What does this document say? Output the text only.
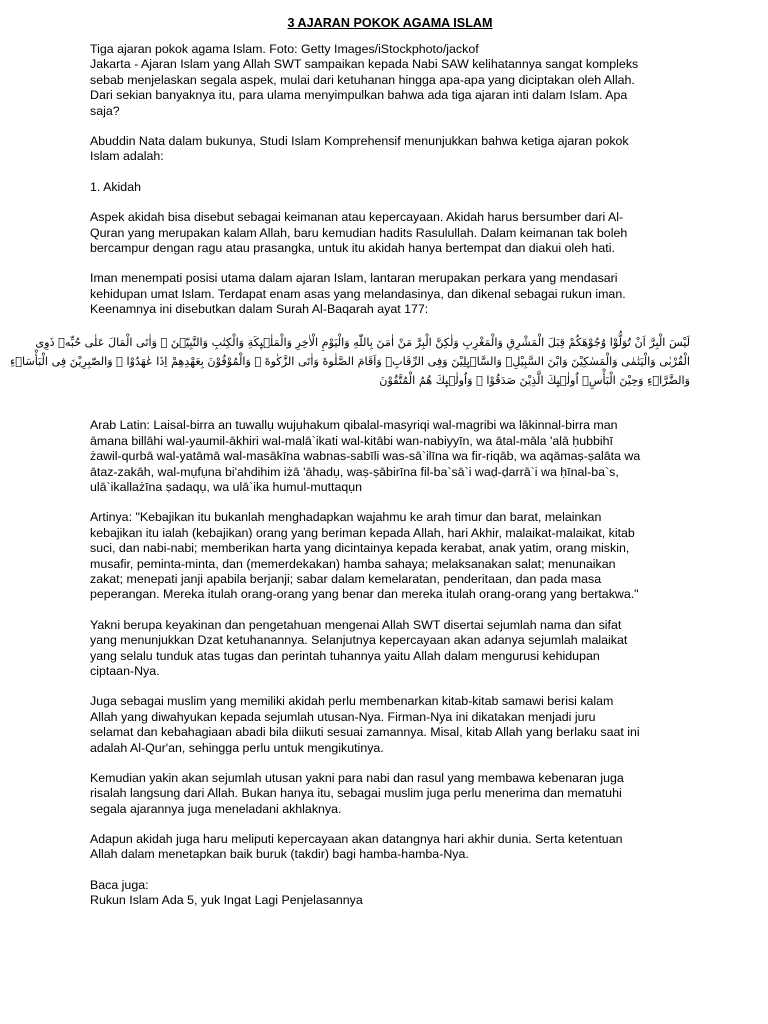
3 AJARAN POKOK AGAMA ISLAM
Tiga ajaran pokok agama Islam. Foto: Getty Images/iStockphoto/jackof
Jakarta - Ajaran Islam yang Allah SWT sampaikan kepada Nabi SAW kelihatannya sangat kompleks
sebab menjelaskan segala aspek, mulai dari ketuhanan hingga apa-apa yang diciptakan oleh Allah.
Dari sekian banyaknya itu, para ulama menyimpulkan bahwa ada tiga ajaran inti dalam Islam. Apa
saja?
Abuddin Nata dalam bukunya, Studi Islam Komprehensif menunjukkan bahwa ketiga ajaran pokok
Islam adalah:
1. Akidah
Aspek akidah bisa disebut sebagai keimanan atau kepercayaan. Akidah harus bersumber dari Al-
Quran yang merupakan kalam Allah, baru kemudian hadits Rasulullah. Dalam keimanan tak boleh
bercampur dengan ragu atau prasangka, untuk itu akidah hanya bertempat dan diakui oleh hati.
Iman menempati posisi utama dalam ajaran Islam, lantaran merupakan perkara yang mendasari
kehidupan umat Islam. Terdapat enam asas yang melandasinya, dan dikenal sebagai rukun iman.
Keenamnya ini disebutkan dalam Surah Al-Baqarah ayat 177:
لَيْسَ الْبِرَّ اَنْ تُوَلُّوْا وُجُوْهَكُمْ قِبَلَ الْمَشْرِقِ وَالْمَغْرِبِ وَلٰكِنَّ الْبِرَّ مَنْ اٰمَنَ بِاللّٰهِ وَالْيَوْمِ الْاٰخِرِ وَالْمَلٰۤىِٕكَةِ وَالْكِتٰبِ وَالنَّبِيّٖنَ ۚ وَاٰتَى الْمَالَ عَلٰى حُبِّهٖ ذَوِى
الْقُرْبٰى وَالْيَتٰمٰى وَالْمَسٰكِيْنَ وَابْنَ السَّبِيْلِۙ وَالسَّاۤىِٕلِيْنَ وَفِى الرِّقَابِۚ وَاَقَامَ الصَّلٰوةَ وَاٰتَى الزَّكٰوةَ ۚ وَالْمُوْفُوْنَ بِعَهْدِهِمْ اِذَا عٰهَدُوْا ۚ وَالصّٰبِرِيْنَ فِى الْبَأْسَاۤءِ
وَالضَّرَّاۤءِ وَحِيْنَ الْبَأْسِۗ اُولٰۤىِٕكَ الَّذِيْنَ صَدَقُوْا ۗ وَاُولٰۤىِٕكَ هُمُ الْمُتَّقُوْنَ
Arab Latin: Laisal-birra an tuwallụ wujụhakum qibalal-masyriqi wal-magribi wa lākinnal-birra man
āmana billāhi wal-yaumil-ākhiri wal-malā`ikati wal-kitābi wan-nabiyyīn, wa ātal-māla 'alā ḥubbihī
żawil-qurbā wal-yatāmā wal-masākīna wabnas-sabīli was-sā`ilīna wa fir-riqāb, wa aqāmaṣ-ṣalāta wa
ātaz-zakāh, wal-mụfụna bi'ahdihim iżā 'āhadụ, waṣ-ṣābirīna fil-ba`sā`i waḍ-ḍarrā`i wa ḥīnal-ba`s,
ulā`ikallażīna ṣadaqụ, wa ulā`ika humul-muttaqụn
Artinya: "Kebajikan itu bukanlah menghadapkan wajahmu ke arah timur dan barat, melainkan
kebajikan itu ialah (kebajikan) orang yang beriman kepada Allah, hari Akhir, malaikat-malaikat, kitab
suci, dan nabi-nabi; memberikan harta yang dicintainya kepada kerabat, anak yatim, orang miskin,
musafir, peminta-minta, dan (memerdekakan) hamba sahaya; melaksanakan salat; menunaikan
zakat; menepati janji apabila berjanji; sabar dalam kemelaratan, penderitaan, dan pada masa
peperangan. Mereka itulah orang-orang yang benar dan mereka itulah orang-orang yang bertakwa."
Yakni berupa keyakinan dan pengetahuan mengenai Allah SWT disertai sejumlah nama dan sifat
yang menunjukkan Dzat ketuhanannya. Selanjutnya kepercayaan akan adanya sejumlah malaikat
yang selalu tunduk atas tugas dan perintah tuhannya yaitu Allah dalam mengurusi kehidupan
ciptaan-Nya.
Juga sebagai muslim yang memiliki akidah perlu membenarkan kitab-kitab samawi berisi kalam
Allah yang diwahyukan kepada sejumlah utusan-Nya. Firman-Nya ini dikatakan menjadi juru
selamat dan kebahagiaan abadi bila diikuti sesuai zamannya. Misal, kitab Allah yang berlaku saat ini
adalah Al-Qur'an, sehingga perlu untuk mengikutinya.
Kemudian yakin akan sejumlah utusan yakni para nabi dan rasul yang membawa kebenaran juga
risalah langsung dari Allah. Bukan hanya itu, sebagai muslim juga perlu menerima dan mematuhi
segala ajarannya juga meneladani akhlaknya.
Adapun akidah juga haru meliputi kepercayaan akan datangnya hari akhir dunia. Serta ketentuan
Allah dalam menetapkan baik buruk (takdir) bagi hamba-hamba-Nya.
Baca juga:
Rukun Islam Ada 5, yuk Ingat Lagi Penjelasannya
